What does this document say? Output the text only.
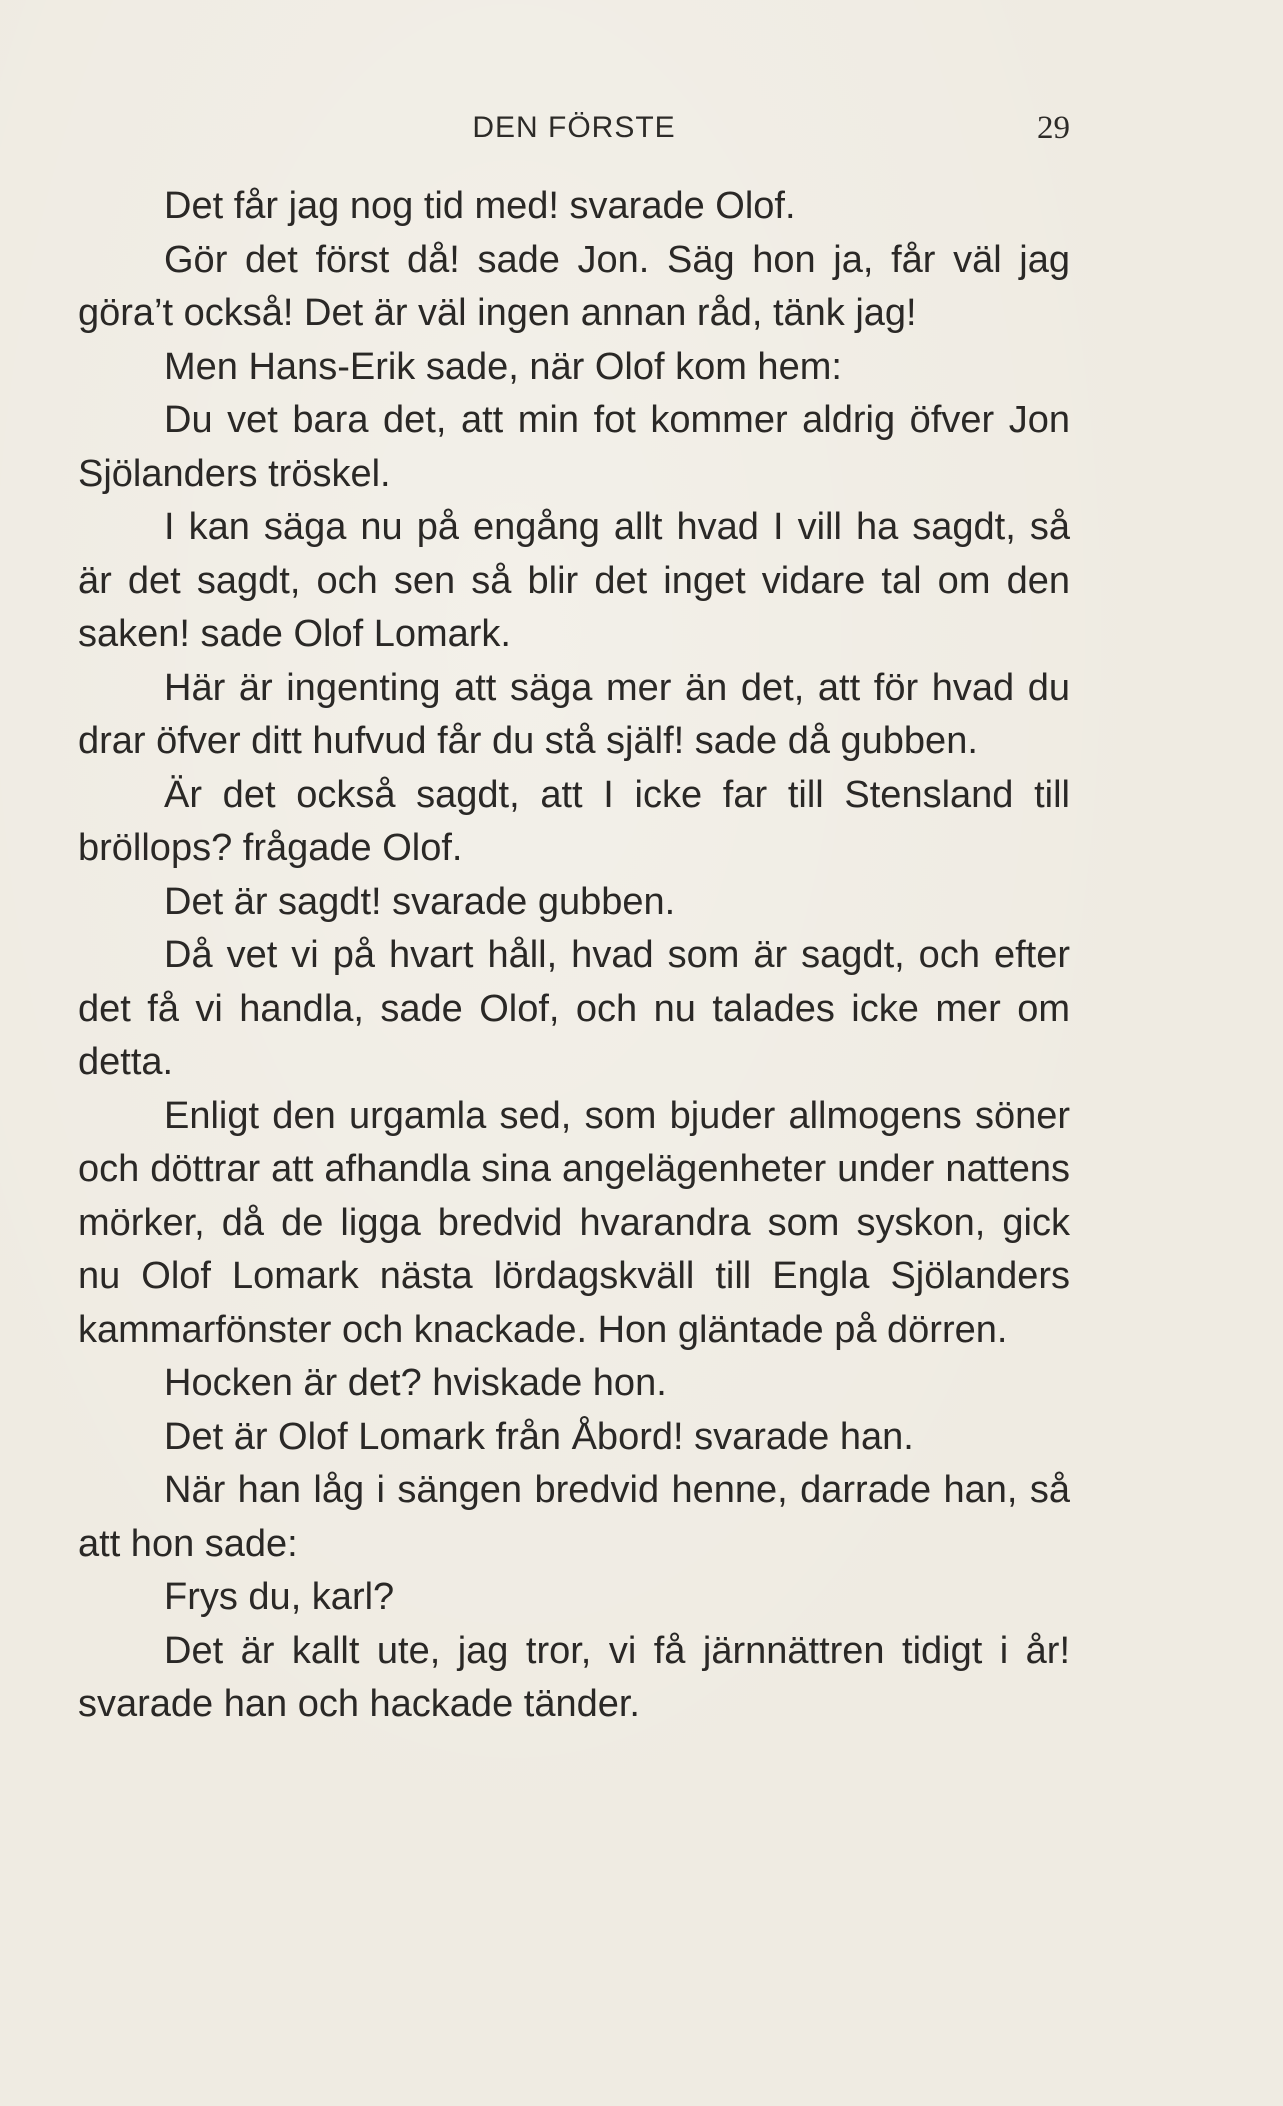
DEN FÖRSTE	29

Det får jag nog tid med! svarade Olof.

Gör det först då! sade Jon. Säg hon ja, får väl jag göra’t också! Det är väl ingen annan råd, tänk jag!

Men Hans-Erik sade, när Olof kom hem:

Du vet bara det, att min fot kommer aldrig öfver Jon Sjölanders tröskel.

I kan säga nu på engång allt hvad I vill ha sagdt, så är det sagdt, och sen så blir det inget vidare tal om den saken! sade Olof Lomark.

Här är ingenting att säga mer än det, att för hvad du drar öfver ditt hufvud får du stå själf! sade då gubben.

Är det också sagdt, att I icke far till Stensland till bröllops? frågade Olof.

Det är sagdt! svarade gubben.

Då vet vi på hvart håll, hvad som är sagdt, och efter det få vi handla, sade Olof, och nu talades icke mer om detta.

Enligt den urgamla sed, som bjuder allmogens söner och döttrar att afhandla sina angelägenheter under nattens mörker, då de ligga bredvid hvarandra som syskon, gick nu Olof Lomark nästa lördagskväll till Engla Sjölanders kammarfönster och knackade. Hon gläntade på dörren.

Hocken är det? hviskade hon.

Det är Olof Lomark från Åbord! svarade han.

När han låg i sängen bredvid henne, darrade han, så att hon sade:

Frys du, karl?

Det är kallt ute, jag tror, vi få järnnättren tidigt i år! svarade han och hackade tänder.
